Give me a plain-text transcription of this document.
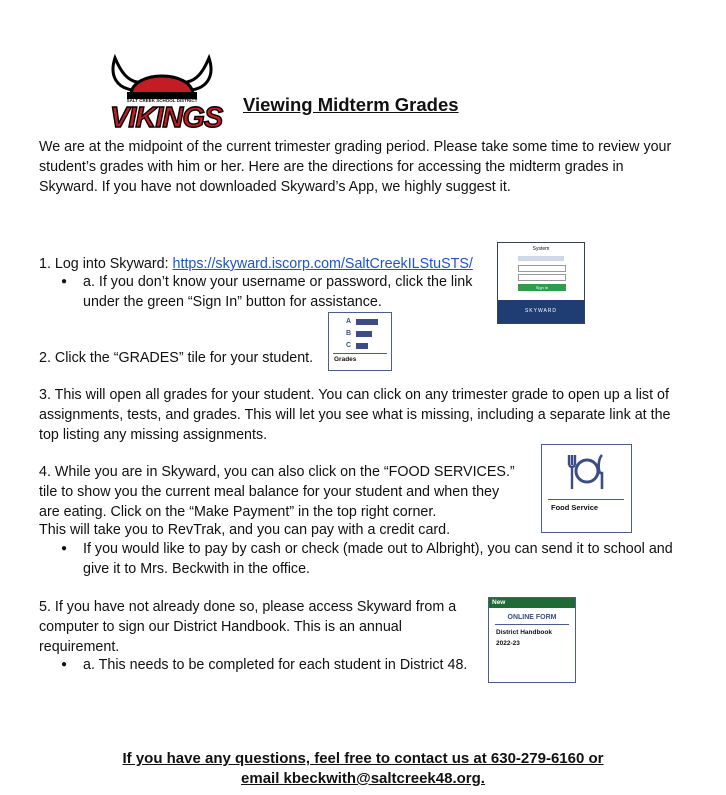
SALT CREEK SCHOOL DISTRICT
VIKINGS Viewing Midterm Grades

We are at the midpoint of the current trimester grading period. Please take some time to review your student’s grades with him or her. Here are the directions for accessing the midterm grades in Skyward. If you have not downloaded Skyward’s App, we highly suggest it.

1. Log into Skyward: https://skyward.iscorp.com/SaltCreekILStuSTS/

● a. If you don’t know your username or password, click the link under the green “Sign In” button for assistance.
System
Sign In
SKYWARD
A
B
C
Grades

2. Click the “GRADES” tile for your student.

3. This will open all grades for your student. You can click on any trimester grade to open up a list of assignments, tests, and grades. This will let you see what is missing, including a separate link at the top listing any missing assignments.

4. While you are in Skyward, you can also click on the “FOOD SERVICES.”

tile to show you the current meal balance for your student and when they

are eating. Click on the “Make Payment” in the top right corner.

This will take you to RevTrak, and you can pay with a credit card.

● If you would like to pay by cash or check (made out to Albright), you can send it to school and give it to Mrs. Beckwith in the office.
Food Service

5. If you have not already done so, please access Skyward from a computer to sign our District Handbook. This is an annual requirement.

● a. This needs to be completed for each student in District 48.
New
ONLINE FORM
District Handbook 2022-23
If you have any questions, feel free to contact us at 630-279-6160 or
email kbeckwith@saltcreek48.org.
